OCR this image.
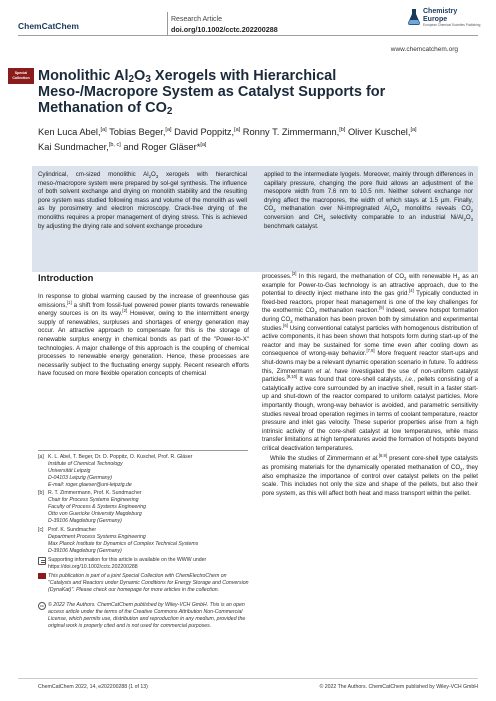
ChemCatChem
Research Article
doi.org/10.1002/cctc.202200288
Chemistry
Europe
European Chemical Societies Publishing
www.chemcatchem.org
Special Collection Monolithic $Al_2O_3$ Xerogels with Hierarchical Meso-/Macropore System as Catalyst Supports for Methanation of $CO_2$
Ken Luca Abel,[a] Tobias Beger,[a] David Poppitz,[a] Ronny T. Zimmermann,[b] Oliver Kuschel,[a]
Kai Sundmacher,[b, c] and Roger Gläser*[a]
Cylindrical, cm-sized monolithic $Al_2O_3$ xerogels with hierarchical meso-/macropore system were prepared by sol-gel synthesis. The influence of both solvent exchange and drying on monolith stability and the resulting pore system was studied following mass and volume of the monolith as well as by porosimetry and electron microscopy. Crack-free drying of the monoliths requires a proper management of drying stress. This is achieved by adjusting the drying rate and solvent exchange procedure
applied to the intermediate lyogels. Moreover, mainly through differences in capillary pressure, changing the pore fluid allows an adjustment of the mesopore width from 7.6 nm to 10.5 nm. Neither solvent exchange nor drying affect the macropores, the width of which stays at 1.5 µm. Finally, $CO_2$ methanation over Ni-impregnated $Al_2O_3$ monoliths reveals $CO_2$ conversion and $CH_4$ selectivity comparable to an industrial $Ni/Al_2O_3$ benchmark catalyst.
Introduction

In response to global warming caused by the increase of greenhouse gas emissions,[1] a shift from fossil-fuel powered power plants towards renewable energy sources is on its way.[2] However, owing to the intermittent energy supply of renewables, surpluses and shortages of energy generation may occur. An attractive approach to compensate for this is the storage of renewable surplus energy in chemical bonds as part of the "Power-to-X" technologies. A major challenge of this approach is the coupling of chemical processes to renewable energy generation. Hence, these processes are necessarily subject to the fluctuating energy supply. Recent research efforts have focused on more flexible operation concepts of chemical

[a] K. L. Abel, T. Beger, Dr. D. Poppitz, O. Kuschel, Prof. R. Gläser
Institute of Chemical Technology
Universität Leipzig
D-04103 Leipzig (Germany)
E-mail: roger.glaeser@uni-leipzig.de
[b] R. T. Zimmermann, Prof. K. Sundmacher
Chair for Process Systems Engineering
Faculty of Process & Systems Engineering
Otto von Guericke University Magdeburg
D-39106 Magdeburg (Germany)
[c] Prof. K. Sundmacher
Department Process Systems Engineering
Max Planck Institute for Dynamics of Complex Technical Systems
D-39106 Magdeburg (Germany)
Supporting information for this article is available on the WWW under https://doi.org/10.1002/cctc.202200288
This publication is part of a joint Special Collection with ChemElectroChem on "Catalysts and Reactors under Dynamic Conditions for Energy Storage and Conversion (DynaKat)". Please check our homepage for more articles in the collection.
cc © 2022 The Authors. ChemCatChem published by Wiley-VCH GmbH. This is an open access article under the terms of the Creative Commons Attribution Non-Commercial License, which permits use, distribution and reproduction in any medium, provided the original work is properly cited and is not used for commercial purposes.

processes.[3] In this regard, the methanation of $CO_2$ with renewable $H_2$ as an example for Power-to-Gas technology is an attractive approach, due to the potential to directly inject methane into the gas grid.[4] Typically conducted in fixed-bed reactors, proper heat management is one of the key challenges for the exothermic $CO_2$ methanation reaction.[5] Indeed, severe hotspot formation during $CO_2$ methanation has been proven both by simulation and experimental studies.[6] Using conventional catalyst particles with homogenous distribution of active components, it has been shown that hotspots form during start-up of the reactor and may be sustained for some time even after cooling down as consequence of wrong-way behavior.[7,8] More frequent reactor start-ups and shut-downs may be a relevant dynamic operation scenario in future. To address this, Zimmermann et al. have investigated the use of non-uniform catalyst particles.[9,10] It was found that core-shell catalysts, i.e., pellets consisting of a catalytically active core surrounded by an inactive shell, result in a faster start-up and shut-down of the reactor compared to uniform catalyst particles. More importantly though, wrong-way behavior is avoided, and parametric sensitivity studies reveal broad operation regimes in terms of coolant temperature, reactor pressure and inlet gas velocity. These superior properties arise from a high intrinsic activity of the core-shell catalyst at low temperatures, while mass transfer limitations at high temperatures avoid the formation of hotspots beyond critical deactivation temperatures.

While the studies of Zimmermann et al.[8,9] present core-shell type catalysts as promising materials for the dynamically operated methanation of $CO_2$, they also emphasize the importance of control over catalyst pellets on the pellet scale. This includes not only the size and shape of the pellets, but also their pore system, as this will affect both heat and mass transport within the pellet.

ChemCatChem 2022, 14, e202200288 (1 of 13)	© 2022 The Authors. ChemCatChem published by Wiley-VCH GmbH
